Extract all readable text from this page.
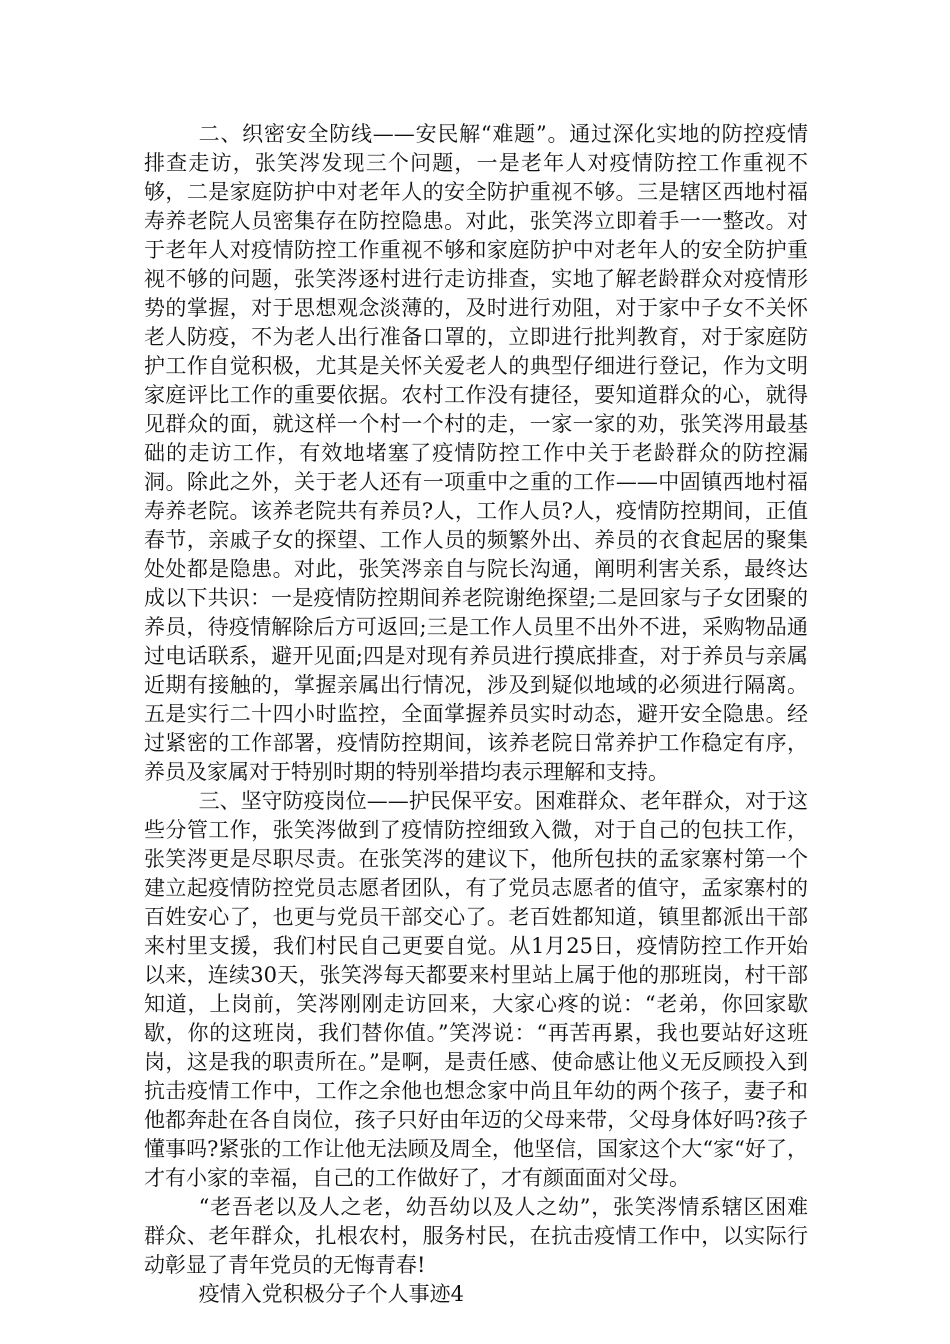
二、织密安全防线——安民解“难题”。通过深化实地的防控疫情排查走访，张笑涔发现三个问题，一是老年人对疫情防控工作重视不够，二是家庭防护中对老年人的安全防护重视不够。三是辖区西地村福寿养老院人员密集存在防控隐患。对此，张笑涔立即着手一一整改。对于老年人对疫情防控工作重视不够和家庭防护中对老年人的安全防护重视不够的问题，张笑涔逐村进行走访排查，实地了解老龄群众对疫情形势的掌握，对于思想观念淡薄的，及时进行劝阻，对于家中子女不关怀老人防疫，不为老人出行准备口罩的，立即进行批判教育，对于家庭防护工作自觉积极，尤其是关怀关爱老人的典型仔细进行登记，作为文明家庭评比工作的重要依据。农村工作没有捷径，要知道群众的心，就得见群众的面，就这样一个村一个村的走，一家一家的劝，张笑涔用最基础的走访工作，有效地堵塞了疫情防控工作中关于老龄群众的防控漏洞。除此之外，关于老人还有一项重中之重的工作——中固镇西地村福寿养老院。该养老院共有养员?人，工作人员?人，疫情防控期间，正值春节，亲戚子女的探望、工作人员的频繁外出、养员的衣食起居的聚集处处都是隐患。对此，张笑涔亲自与院长沟通，阐明利害关系，最终达成以下共识：一是疫情防控期间养老院谢绝探望;二是回家与子女团聚的养员，待疫情解除后方可返回;三是工作人员里不出外不进，采购物品通过电话联系，避开见面;四是对现有养员进行摸底排查，对于养员与亲属近期有接触的，掌握亲属出行情况，涉及到疑似地域的必须进行隔离。五是实行二十四小时监控，全面掌握养员实时动态，避开安全隐患。经过紧密的工作部署，疫情防控期间，该养老院日常养护工作稳定有序，养员及家属对于特别时期的特别举措均表示理解和支持。

三、坚守防疫岗位——护民保平安。困难群众、老年群众，对于这些分管工作，张笑涔做到了疫情防控细致入微，对于自己的包扶工作，张笑涔更是尽职尽责。在张笑涔的建议下，他所包扶的孟家寨村第一个建立起疫情防控党员志愿者团队，有了党员志愿者的值守，孟家寨村的百姓安心了，也更与党员干部交心了。老百姓都知道，镇里都派出干部来村里支援，我们村民自己更要自觉。从1月25日，疫情防控工作开始以来，连续30天，张笑涔每天都要来村里站上属于他的那班岗，村干部知道，上岗前，笑涔刚刚走访回来，大家心疼的说：“老弟，你回家歇歇，你的这班岗，我们替你值。”笑涔说：“再苦再累，我也要站好这班岗，这是我的职责所在。”是啊，是责任感、使命感让他义无反顾投入到抗击疫情工作中，工作之余他也想念家中尚且年幼的两个孩子，妻子和他都奔赴在各自岗位，孩子只好由年迈的父母来带，父母身体好吗?孩子懂事吗?紧张的工作让他无法顾及周全，他坚信，国家这个大“家“好了，才有小家的幸福，自己的工作做好了，才有颜面面对父母。

“老吾老以及人之老，幼吾幼以及人之幼”，张笑涔情系辖区困难群众、老年群众，扎根农村，服务村民，在抗击疫情工作中，以实际行动彰显了青年党员的无悔青春!

疫情入党积极分子个人事迹4
